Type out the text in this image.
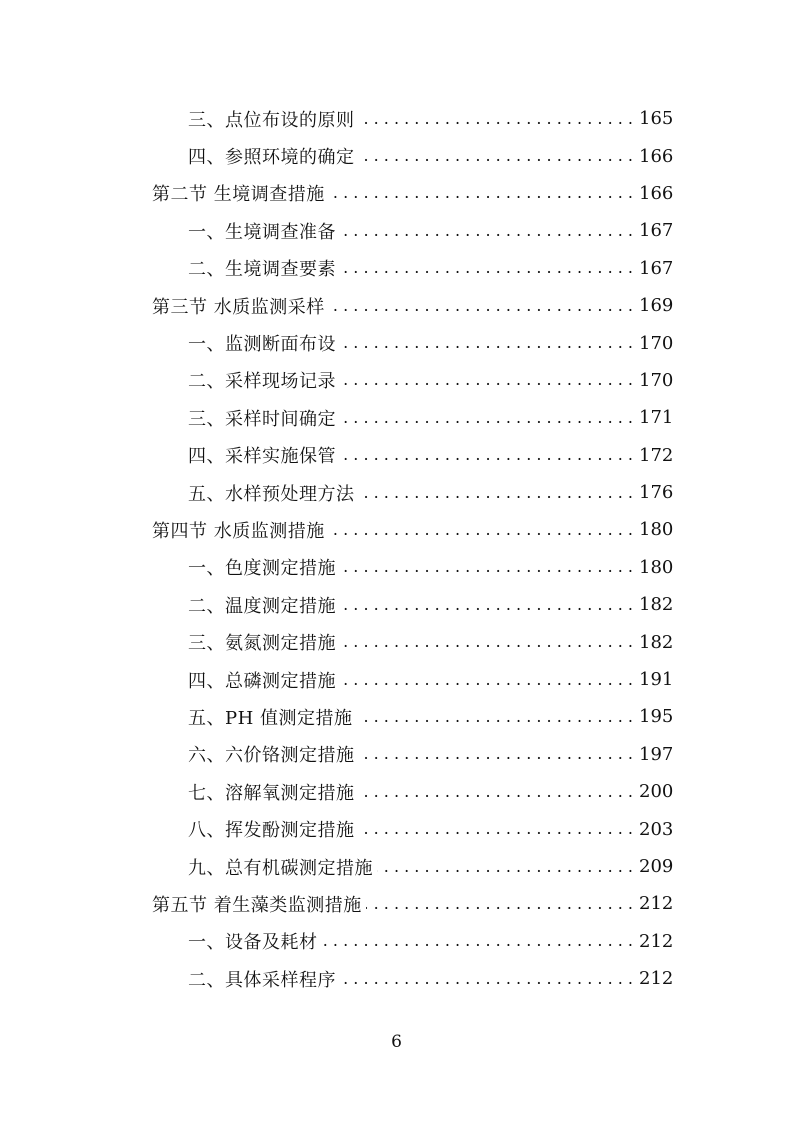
三、点位布设的原则 . . .	165
四、参照环境的确定 . . .	166
第二节 生境调查措施 . . .	166
一、生境调查准备 . . .	167
二、生境调查要素 . . .	167
第三节 水质监测采样 . . .	169
一、监测断面布设 . . .	170
二、采样现场记录 . . .	170
三、采样时间确定 . . .	171
四、采样实施保管 . . .	172
五、水样预处理方法 . . .	176
第四节 水质监测措施 . . .	180
一、色度测定措施 . . .	180
二、温度测定措施 . . .	182
三、氨氮测定措施 . . .	182
四、总磷测定措施 . . .	191
五、PH 值测定措施 . . .	195
六、六价铬测定措施 . . .	197
七、溶解氧测定措施 . . .	200
八、挥发酚测定措施 . . .	203
九、总有机碳测定措施 . . .	209
第五节 着生藻类监测措施 . . .	212
一、设备及耗材 . . .	212
二、具体采样程序 . . .	212
6
